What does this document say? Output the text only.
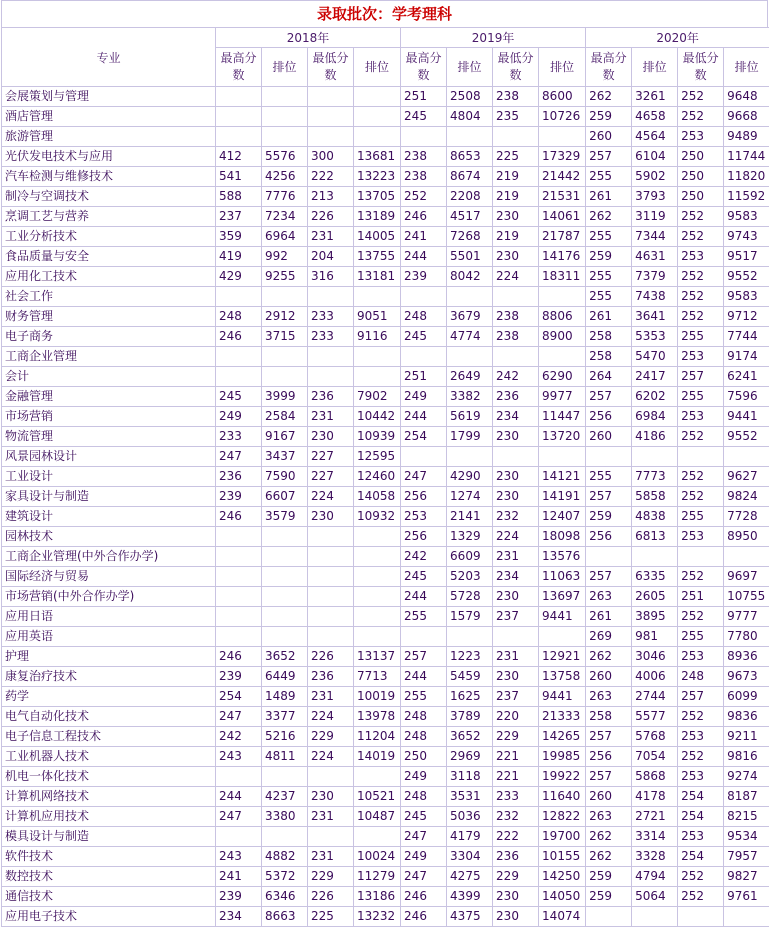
录取批次：学考理科
专业	2018年				2019年				2020年			
	最高分数	排位	最低分数	排位	最高分数	排位	最低分数	排位	最高分数	排位	最低分数	排位
会展策划与管理					251	2508	238	8600	262	3261	252	9648
酒店管理					245	4804	235	10726	259	4658	252	9668
旅游管理									260	4564	253	9489
光伏发电技术与应用	412	5576	300	13681	238	8653	225	17329	257	6104	250	11744
汽车检测与维修技术	541	4256	222	13223	238	8674	219	21442	255	5902	250	11820
制冷与空调技术	588	7776	213	13705	252	2208	219	21531	261	3793	250	11592
烹调工艺与营养	237	7234	226	13189	246	4517	230	14061	262	3119	252	9583
工业分析技术	359	6964	231	14005	241	7268	219	21787	255	7344	252	9743
食品质量与安全	419	992	204	13755	244	5501	230	14176	259	4631	253	9517
应用化工技术	429	9255	316	13181	239	8042	224	18311	255	7379	252	9552
社会工作									255	7438	252	9583
财务管理	248	2912	233	9051	248	3679	238	8806	261	3641	252	9712
电子商务	246	3715	233	9116	245	4774	238	8900	258	5353	255	7744
工商企业管理									258	5470	253	9174
会计					251	2649	242	6290	264	2417	257	6241
金融管理	245	3999	236	7902	249	3382	236	9977	257	6202	255	7596
市场营销	249	2584	231	10442	244	5619	234	11447	256	6984	253	9441
物流管理	233	9167	230	10939	254	1799	230	13720	260	4186	252	9552
风景园林设计	247	3437	227	12595								
工业设计	236	7590	227	12460	247	4290	230	14121	255	7773	252	9627
家具设计与制造	239	6607	224	14058	256	1274	230	14191	257	5858	252	9824
建筑设计	246	3579	230	10932	253	2141	232	12407	259	4838	255	7728
园林技术					256	1329	224	18098	256	6813	253	8950
工商企业管理(中外合作办学)					242	6609	231	13576				
国际经济与贸易					245	5203	234	11063	257	6335	252	9697
市场营销(中外合作办学)					244	5728	230	13697	263	2605	251	10755
应用日语					255	1579	237	9441	261	3895	252	9777
应用英语									269	981	255	7780
护理	246	3652	226	13137	257	1223	231	12921	262	3046	253	8936
康复治疗技术	239	6449	236	7713	244	5459	230	13758	260	4006	248	9673
药学	254	1489	231	10019	255	1625	237	9441	263	2744	257	6099
电气自动化技术	247	3377	224	13978	248	3789	220	21333	258	5577	252	9836
电子信息工程技术	242	5216	229	11204	248	3652	229	14265	257	5768	253	9211
工业机器人技术	243	4811	224	14019	250	2969	221	19985	256	7054	252	9816
机电一体化技术					249	3118	221	19922	257	5868	253	9274
计算机网络技术	244	4237	230	10521	248	3531	233	11640	260	4178	254	8187
计算机应用技术	247	3380	231	10487	245	5036	232	12822	263	2721	254	8215
模具设计与制造					247	4179	222	19700	262	3314	253	9534
软件技术	243	4882	231	10024	249	3304	236	10155	262	3328	254	7957
数控技术	241	5372	229	11279	247	4275	229	14250	259	4794	252	9827
通信技术	239	6346	226	13186	246	4399	230	14050	259	5064	252	9761
应用电子技术	234	8663	225	13232	246	4375	230	14074				
